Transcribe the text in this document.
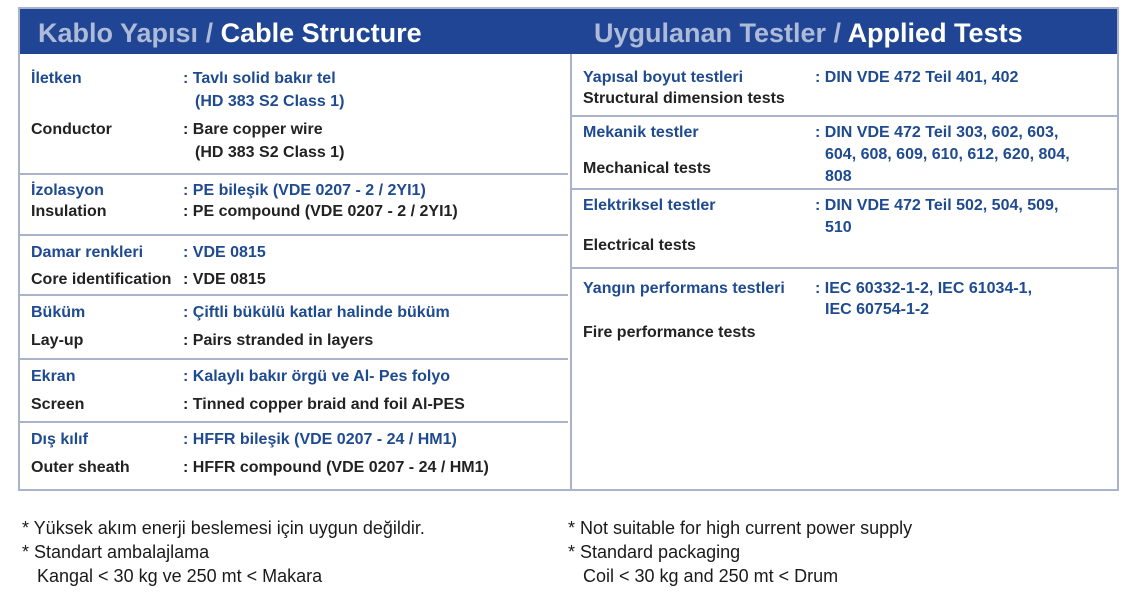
Kablo Yapısı / Cable Structure	Uygulanan Testler / Applied Tests
İletken	: Tavlı solid bakır tel
(HD 383 S2 Class 1)
Conductor	: Bare copper wire
(HD 383 S2 Class 1)
İzolasyon	: PE bileşik (VDE 0207 - 2 / 2YI1)
Insulation	: PE compound (VDE 0207 - 2 / 2YI1)
Damar renkleri : VDE 0815
Core identification : VDE 0815
Büküm	: Çiftli bükülü katlar halinde büküm
Lay-up	: Pairs stranded in layers
Ekran	: Kalaylı bakır örgü ve Al- Pes folyo
Screen	: Tinned copper braid and foil Al-PES
Dış kılıf	: HFFR bileşik (VDE 0207 - 24 / HM1)
Outer sheath	: HFFR compound (VDE 0207 - 24 / HM1)
Yapısal boyut testleri	: DIN VDE 472 Teil 401, 402
Structural dimension tests
Mekanik testler	: DIN VDE 472 Teil 303, 602, 603,
604, 608, 609, 610, 612, 620, 804,
808
Mechanical tests
Elektriksel testler	: DIN VDE 472 Teil 502, 504, 509,
510
Electrical tests
Yangın performans testleri : IEC 60332-1-2, IEC 61034-1,
IEC 60754-1-2
Fire performance tests
* Yüksek akım enerji beslemesi için uygun değildir.
* Standart ambalajlama
Kangal < 30 kg ve 250 mt < Makara
* Not suitable for high current power supply
* Standard packaging
Coil < 30 kg and 250 mt < Drum
